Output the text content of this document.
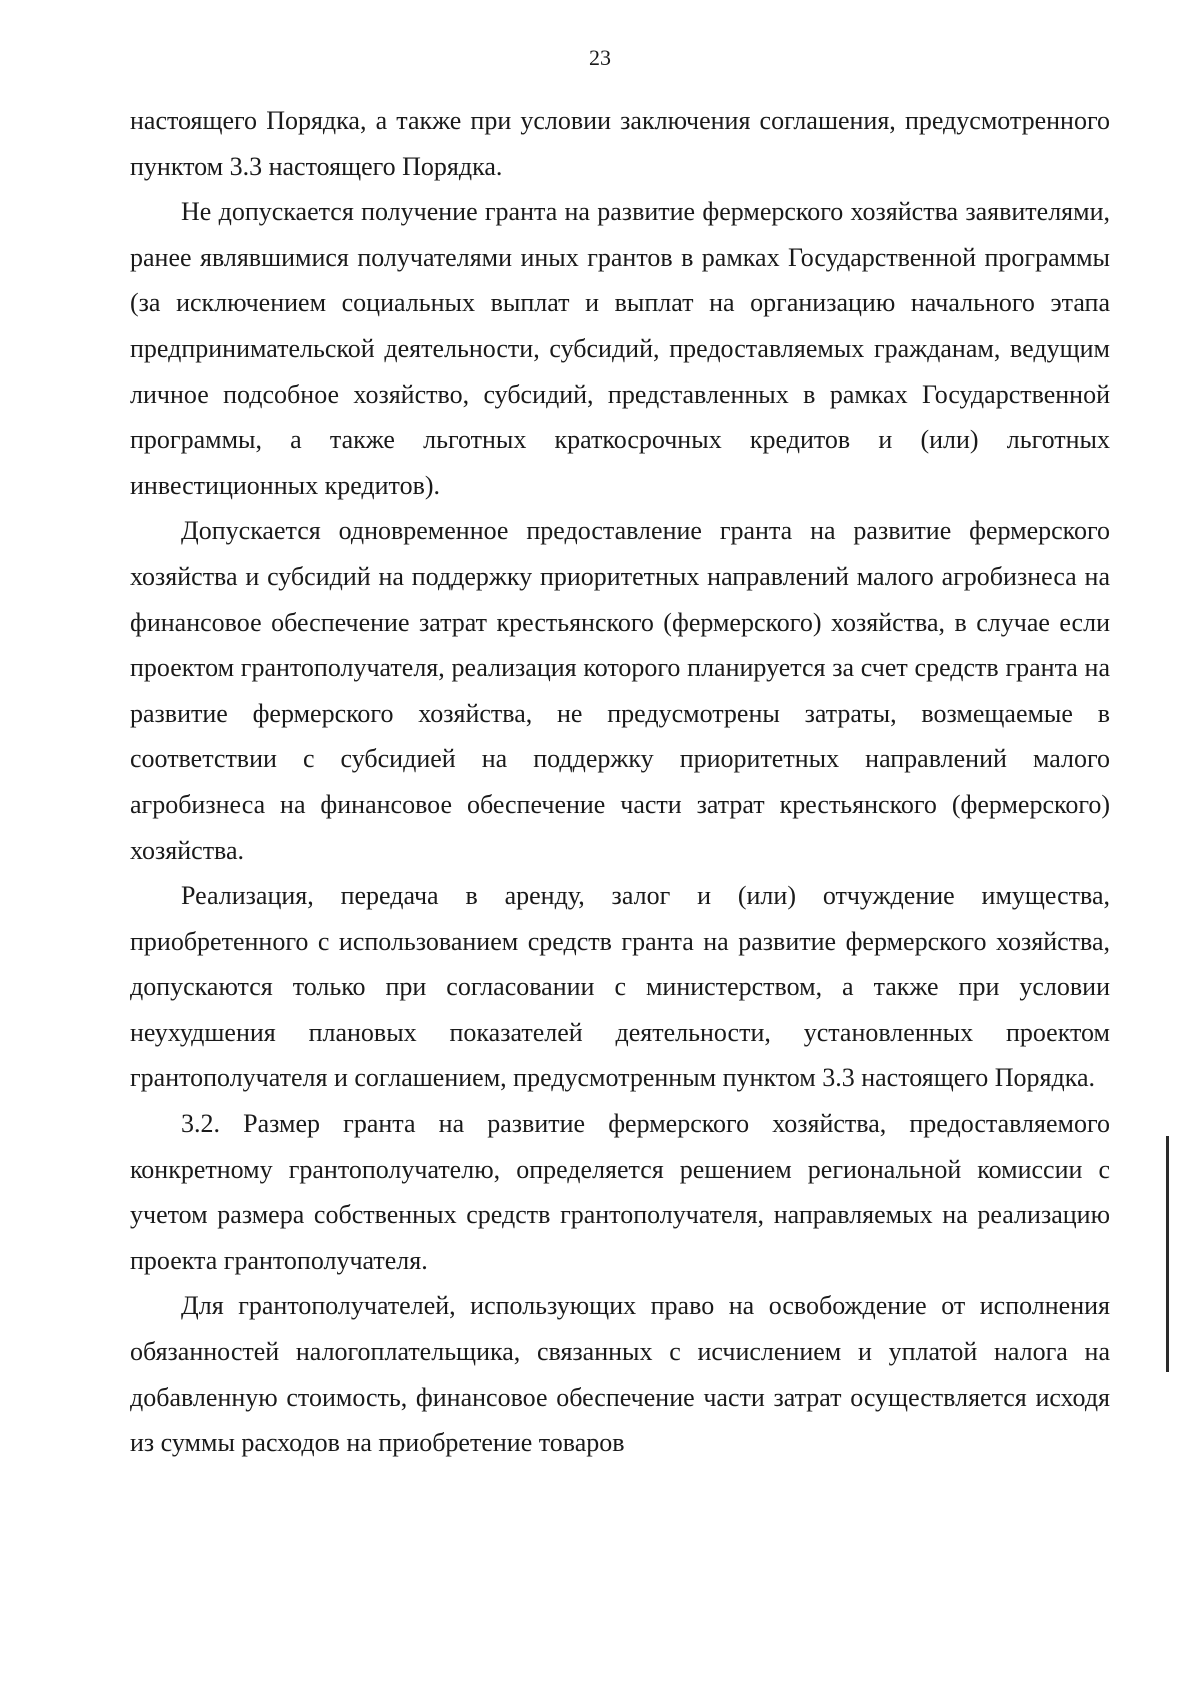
23

настоящего Порядка, а также при условии заключения соглашения, предусмотренного пунктом 3.3 настоящего Порядка.

Не допускается получение гранта на развитие фермерского хозяйства заявителями, ранее являвшимися получателями иных грантов в рамках Государственной программы (за исключением социальных выплат и выплат на организацию начального этапа предпринимательской деятельности, субсидий, предоставляемых гражданам, ведущим личное подсобное хозяйство, субсидий, представленных в рамках Государственной программы, а также льготных краткосрочных кредитов и (или) льготных инвестиционных кредитов).

Допускается одновременное предоставление гранта на развитие фермерского хозяйства и субсидий на поддержку приоритетных направлений малого агробизнеса на финансовое обеспечение затрат крестьянского (фермерского) хозяйства, в случае если проектом грантополучателя, реализация которого планируется за счет средств гранта на развитие фермерского хозяйства, не предусмотрены затраты, возмещаемые в соответствии с субсидией на поддержку приоритетных направлений малого агробизнеса на финансовое обеспечение части затрат крестьянского (фермерского) хозяйства.

Реализация, передача в аренду, залог и (или) отчуждение имущества, приобретенного с использованием средств гранта на развитие фермерского хозяйства, допускаются только при согласовании с министерством, а также при условии неухудшения плановых показателей деятельности, установленных проектом грантополучателя и соглашением, предусмотренным пунктом 3.3 настоящего Порядка.

3.2. Размер гранта на развитие фермерского хозяйства, предоставляемого конкретному грантополучателю, определяется решением региональной комиссии с учетом размера собственных средств грантополучателя, направляемых на реализацию проекта грантополучателя.

Для грантополучателей, использующих право на освобождение от исполнения обязанностей налогоплательщика, связанных с исчислением и уплатой налога на добавленную стоимость, финансовое обеспечение части затрат осуществляется исходя из суммы расходов на приобретение товаров
